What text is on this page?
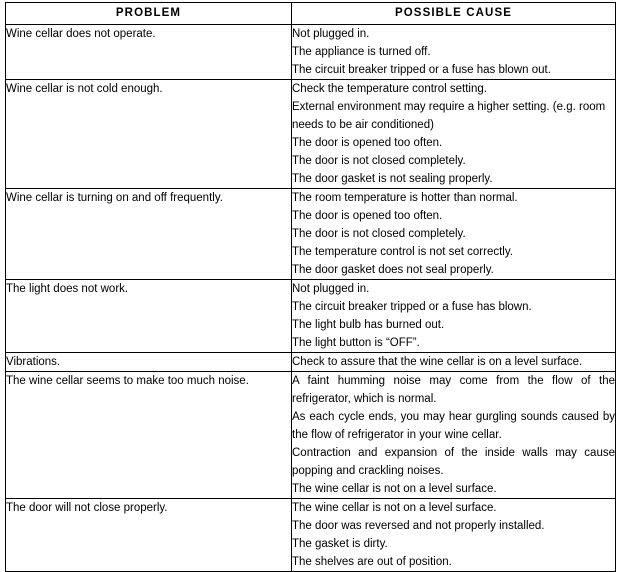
PROBLEM	POSSIBLE CAUSE

Wine cellar does not operate.	Not plugged in.
The appliance is turned off.
The circuit breaker tripped or a fuse has blown out.

Wine cellar is not cold enough.	Check the temperature control setting.
External environment may require a higher setting. (e.g. room needs to be air conditioned)
The door is opened too often.
The door is not closed completely.
The door gasket is not sealing properly.

Wine cellar is turning on and off frequently.	The room temperature is hotter than normal.
The door is opened too often.
The door is not closed completely.
The temperature control is not set correctly.
The door gasket does not seal properly.

The light does not work.	Not plugged in.
The circuit breaker tripped or a fuse has blown.
The light bulb has burned out.
The light button is “OFF”.

Vibrations.	Check to assure that the wine cellar is on a level surface.

The wine cellar seems to make too much noise.	A faint humming noise may come from the flow of the refrigerator, which is normal.
As each cycle ends, you may hear gurgling sounds caused by the flow of refrigerator in your wine cellar.
Contraction and expansion of the inside walls may cause popping and crackling noises.
The wine cellar is not on a level surface.

The door will not close properly.	The wine cellar is not on a level surface.
The door was reversed and not properly installed.
The gasket is dirty.
The shelves are out of position.
